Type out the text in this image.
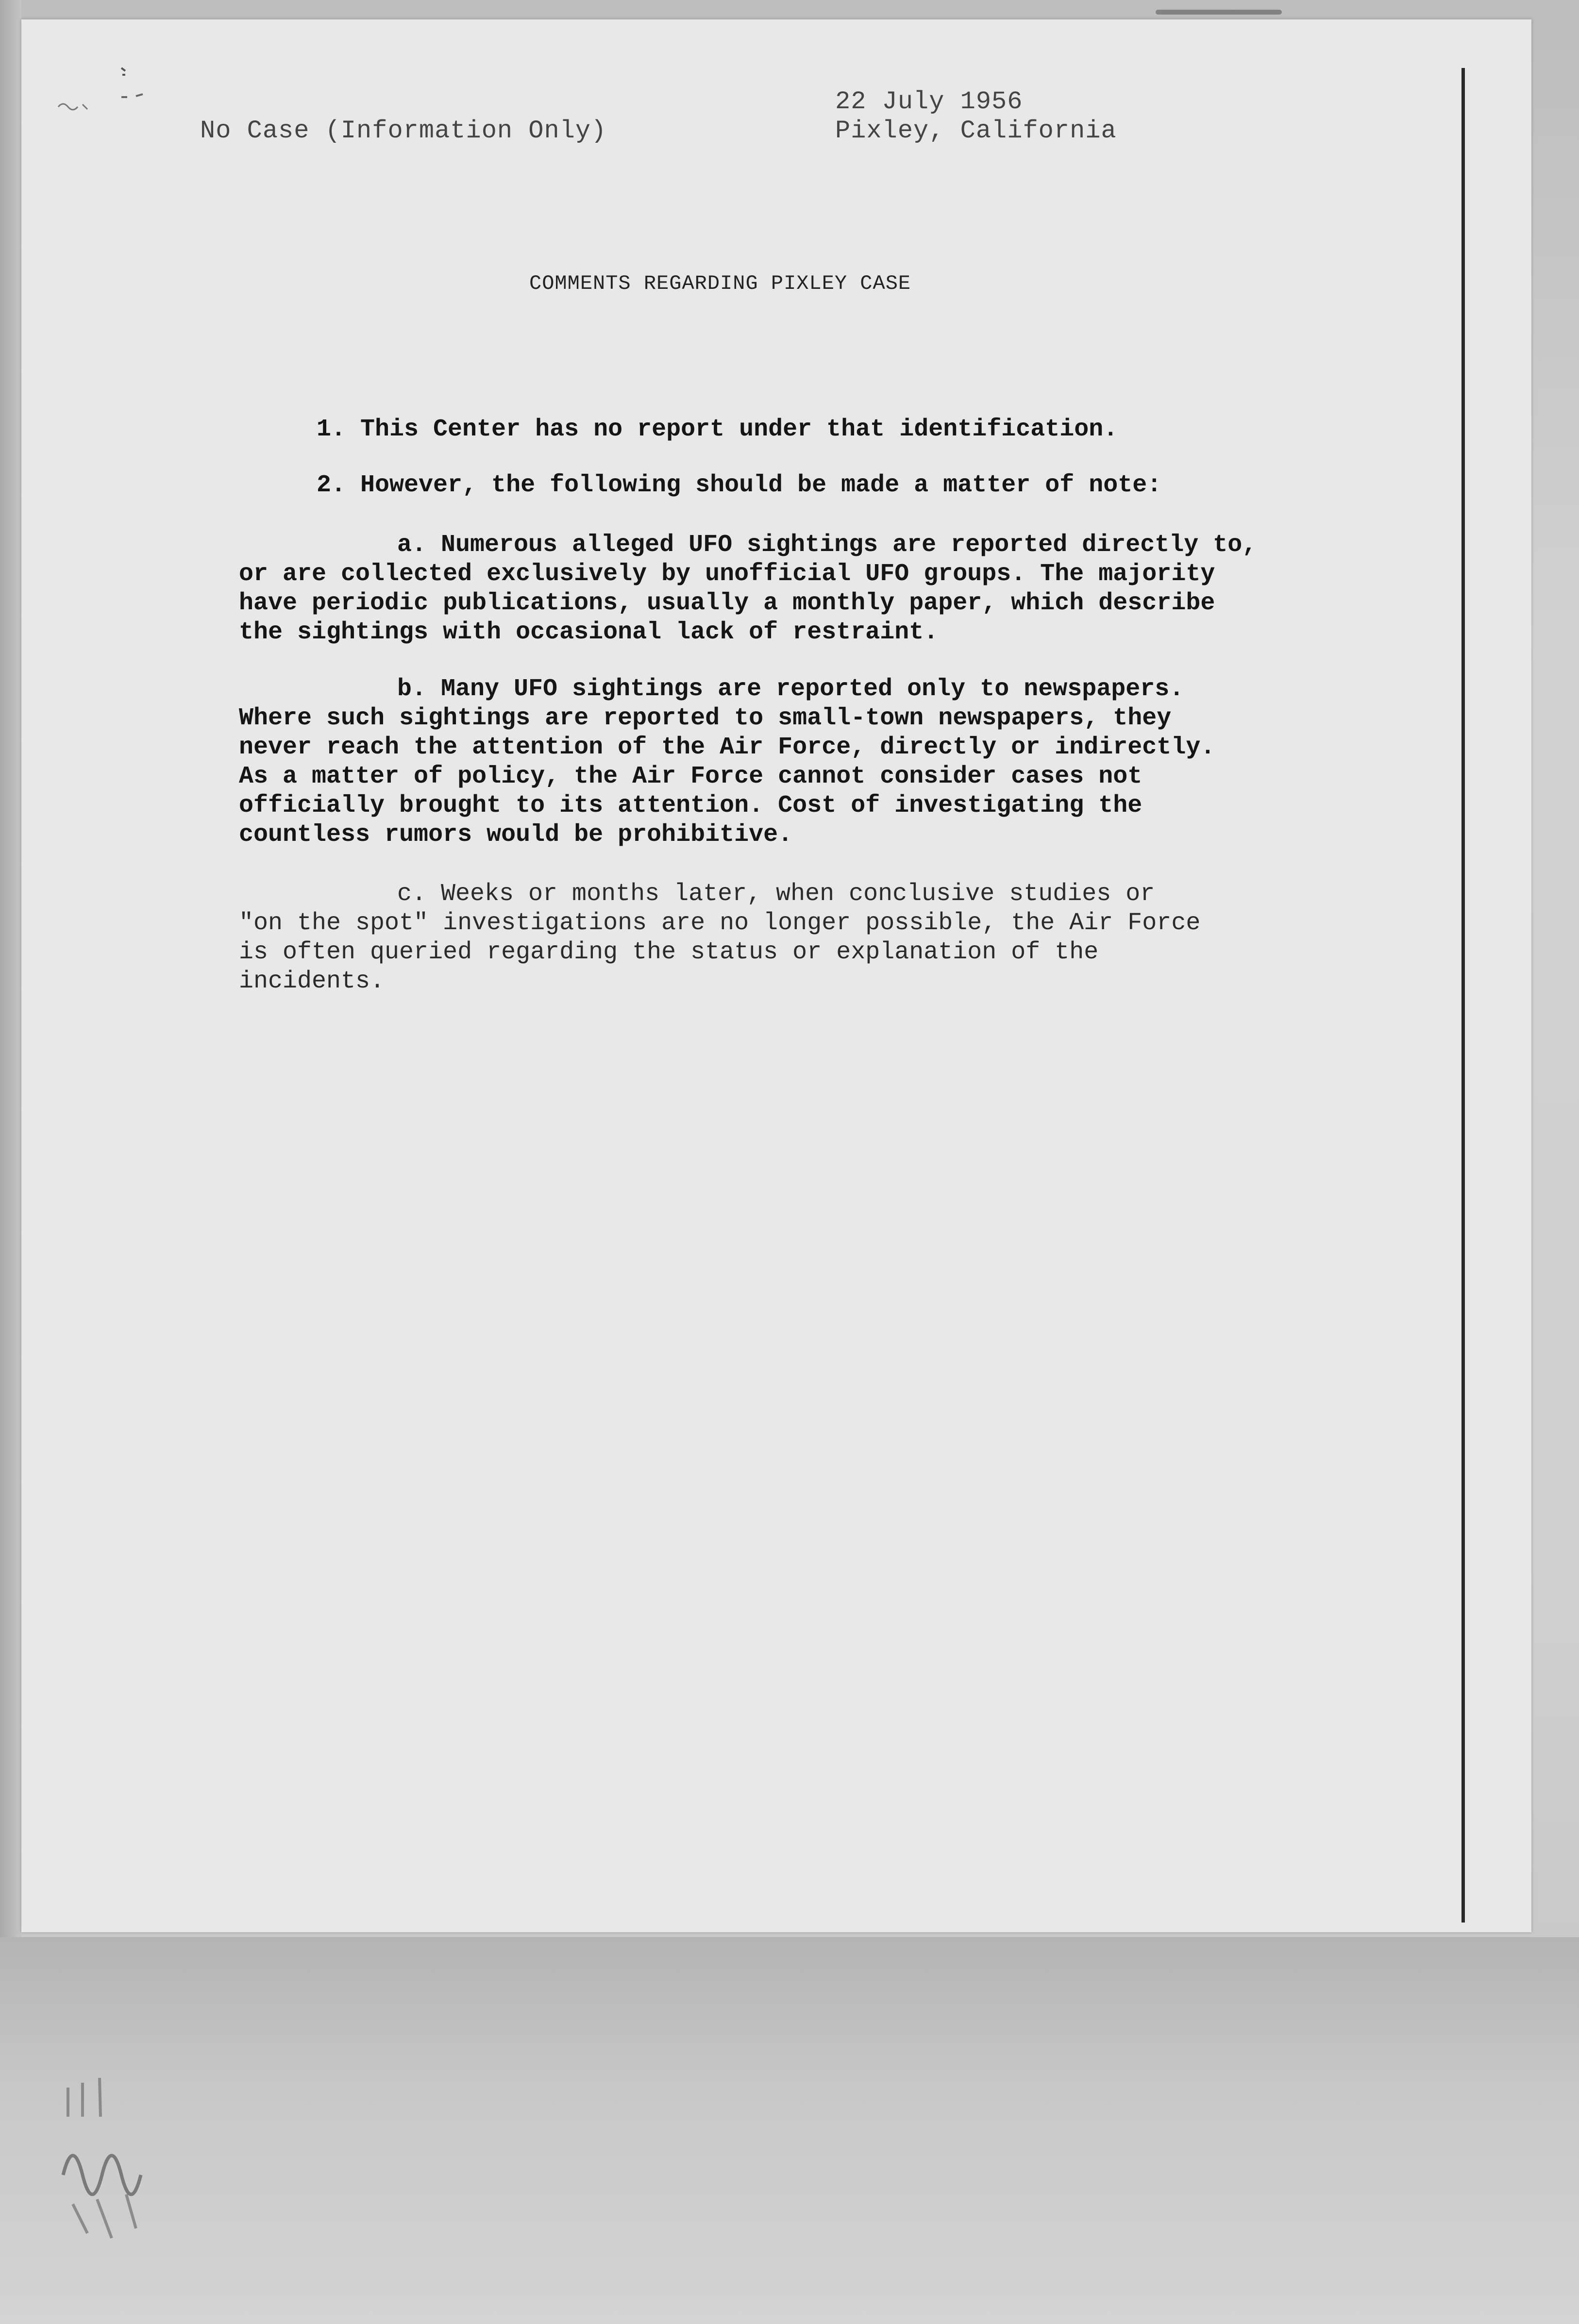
No Case (Information Only)
22 July 1956
Pixley, California
COMMENTS REGARDING PIXLEY CASE
1. This Center has no report under that identification.
2. However, the following should be made a matter of note:
a. Numerous alleged UFO sightings are reported directly to,
or are collected exclusively by unofficial UFO groups. The majority
have periodic publications, usually a monthly paper, which describe
the sightings with occasional lack of restraint.
b. Many UFO sightings are reported only to newspapers.
Where such sightings are reported to small-town newspapers, they
never reach the attention of the Air Force, directly or indirectly.
As a matter of policy, the Air Force cannot consider cases not
officially brought to its attention. Cost of investigating the
countless rumors would be prohibitive.
c. Weeks or months later, when conclusive studies or
"on the spot" investigations are no longer possible, the Air Force
is often queried regarding the status or explanation of the
incidents.
